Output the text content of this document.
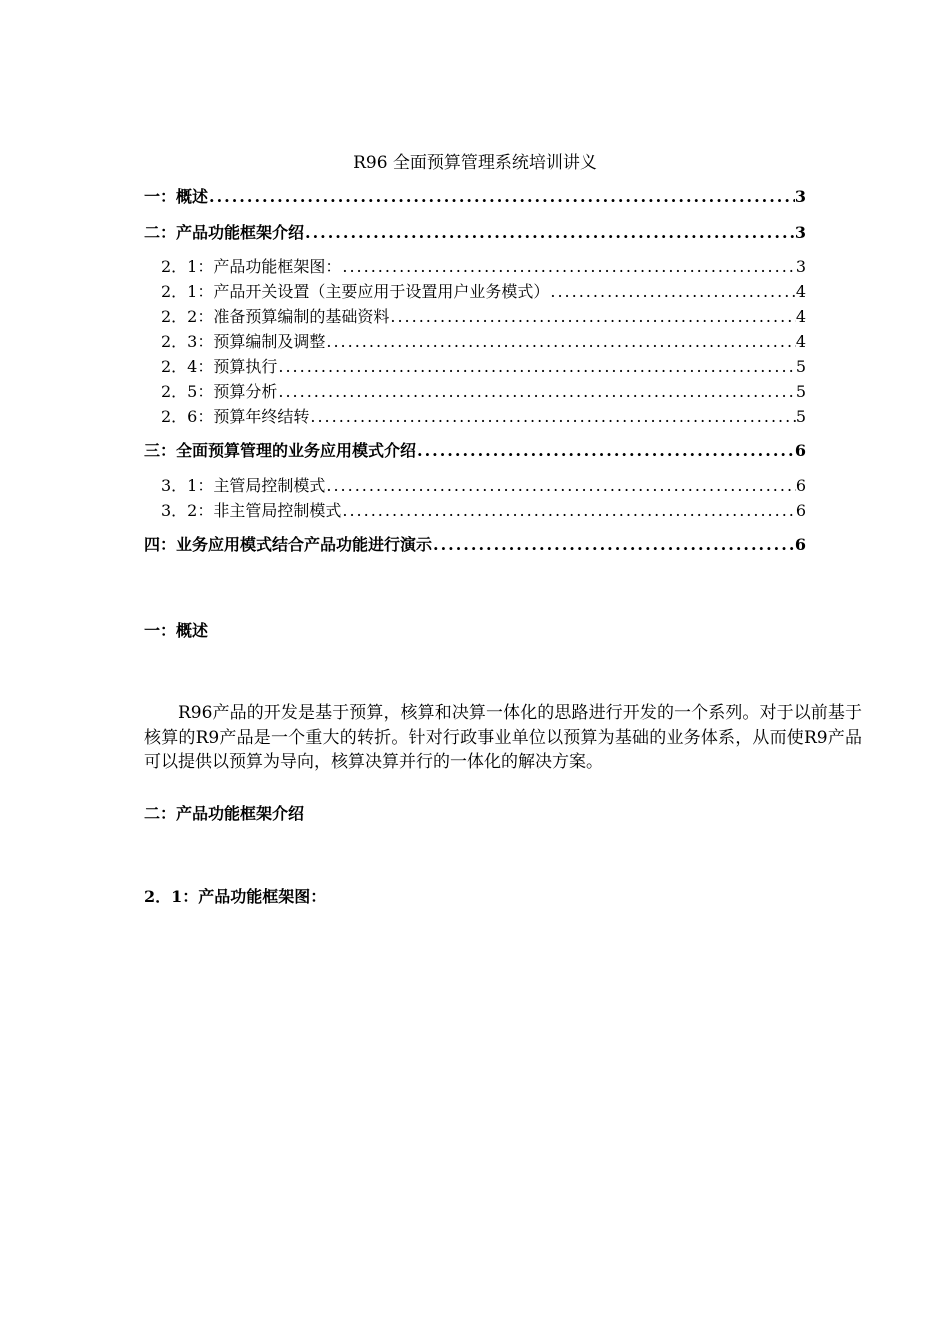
R96 全面预算管理系统培训讲义
一：概述 .....	3
二：产品功能框架介绍 .....	3
2．1：产品功能框架图： .....	3
2．1：产品开关设置（主要应用于设置用户业务模式） .....	4
2．2：准备预算编制的基础资料 .....	4
2．3：预算编制及调整 .....	4
2．4：预算执行 .....	5
2．5：预算分析 .....	5
2．6：预算年终结转 .....	5
三：全面预算管理的业务应用模式介绍 .....	6
3．1：主管局控制模式 .....	6
3．2：非主管局控制模式 .....	6
四：业务应用模式结合产品功能进行演示 .....	6
一：概述
R96产品的开发是基于预算，核算和决算一体化的思路进行开发的一个系列。对于以前基于核算的R9产品是一个重大的转折。针对行政事业单位以预算为基础的业务体系，从而使R9产品可以提供以预算为导向，核算决算并行的一体化的解决方案。
二：产品功能框架介绍
2．1：产品功能框架图：
